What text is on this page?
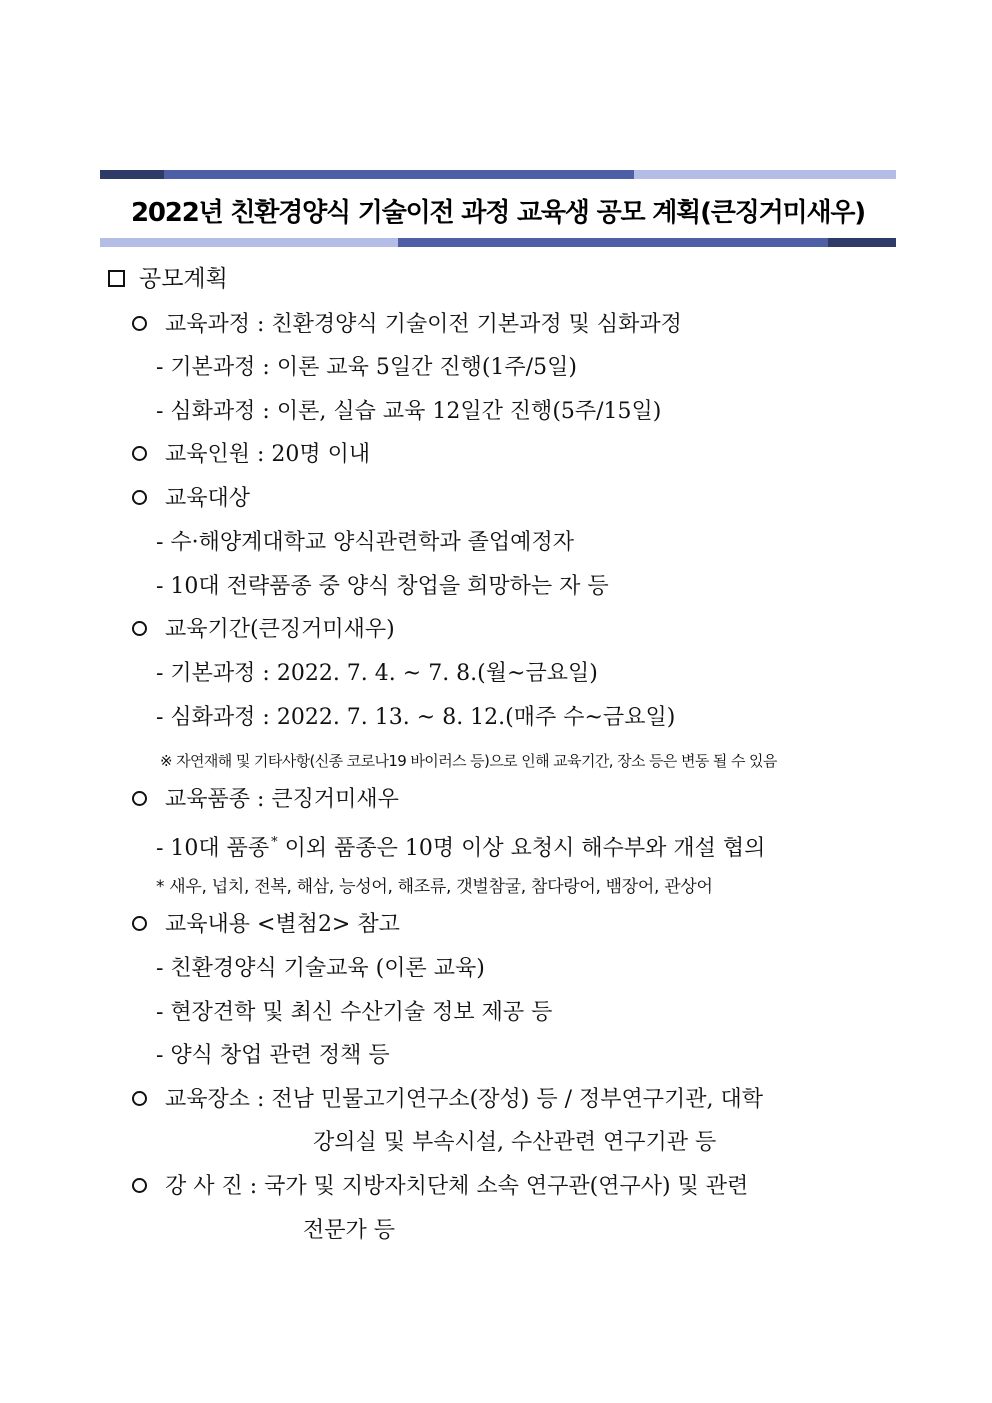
2022년 친환경양식 기술이전 과정 교육생 공모 계획(큰징거미새우)
공모계획
교육과정 : 친환경양식 기술이전 기본과정 및 심화과정
- 기본과정 : 이론 교육 5일간 진행(1주/5일)
- 심화과정 : 이론, 실습 교육 12일간 진행(5주/15일)
교육인원 : 20명 이내
교육대상
- 수·해양계대학교 양식관련학과 졸업예정자
- 10대 전략품종 중 양식 창업을 희망하는 자 등
교육기간(큰징거미새우)
- 기본과정 : 2022. 7. 4. ~ 7. 8.(월~금요일)
- 심화과정 : 2022. 7. 13. ~ 8. 12.(매주 수~금요일)
※ 자연재해 및 기타사항(신종 코로나19 바이러스 등)으로 인해 교육기간, 장소 등은 변동 될 수 있음
교육품종 : 큰징거미새우
- 10대 품종 * 이외 품종은 10명 이상 요청시 해수부와 개설 협의
* 새우, 넙치, 전복, 해삼, 능성어, 해조류, 갯벌참굴, 참다랑어, 뱀장어, 관상어
교육내용 <별첨2> 참고
- 친환경양식 기술교육 (이론 교육)
- 현장견학 및 최신 수산기술 정보 제공 등
- 양식 창업 관련 정책 등
교육장소 : 전남 민물고기연구소(장성) 등 / 정부연구기관, 대학
강의실 및 부속시설, 수산관련 연구기관 등
강 사 진 : 국가 및 지방자치단체 소속 연구관(연구사) 및 관련
전문가 등
